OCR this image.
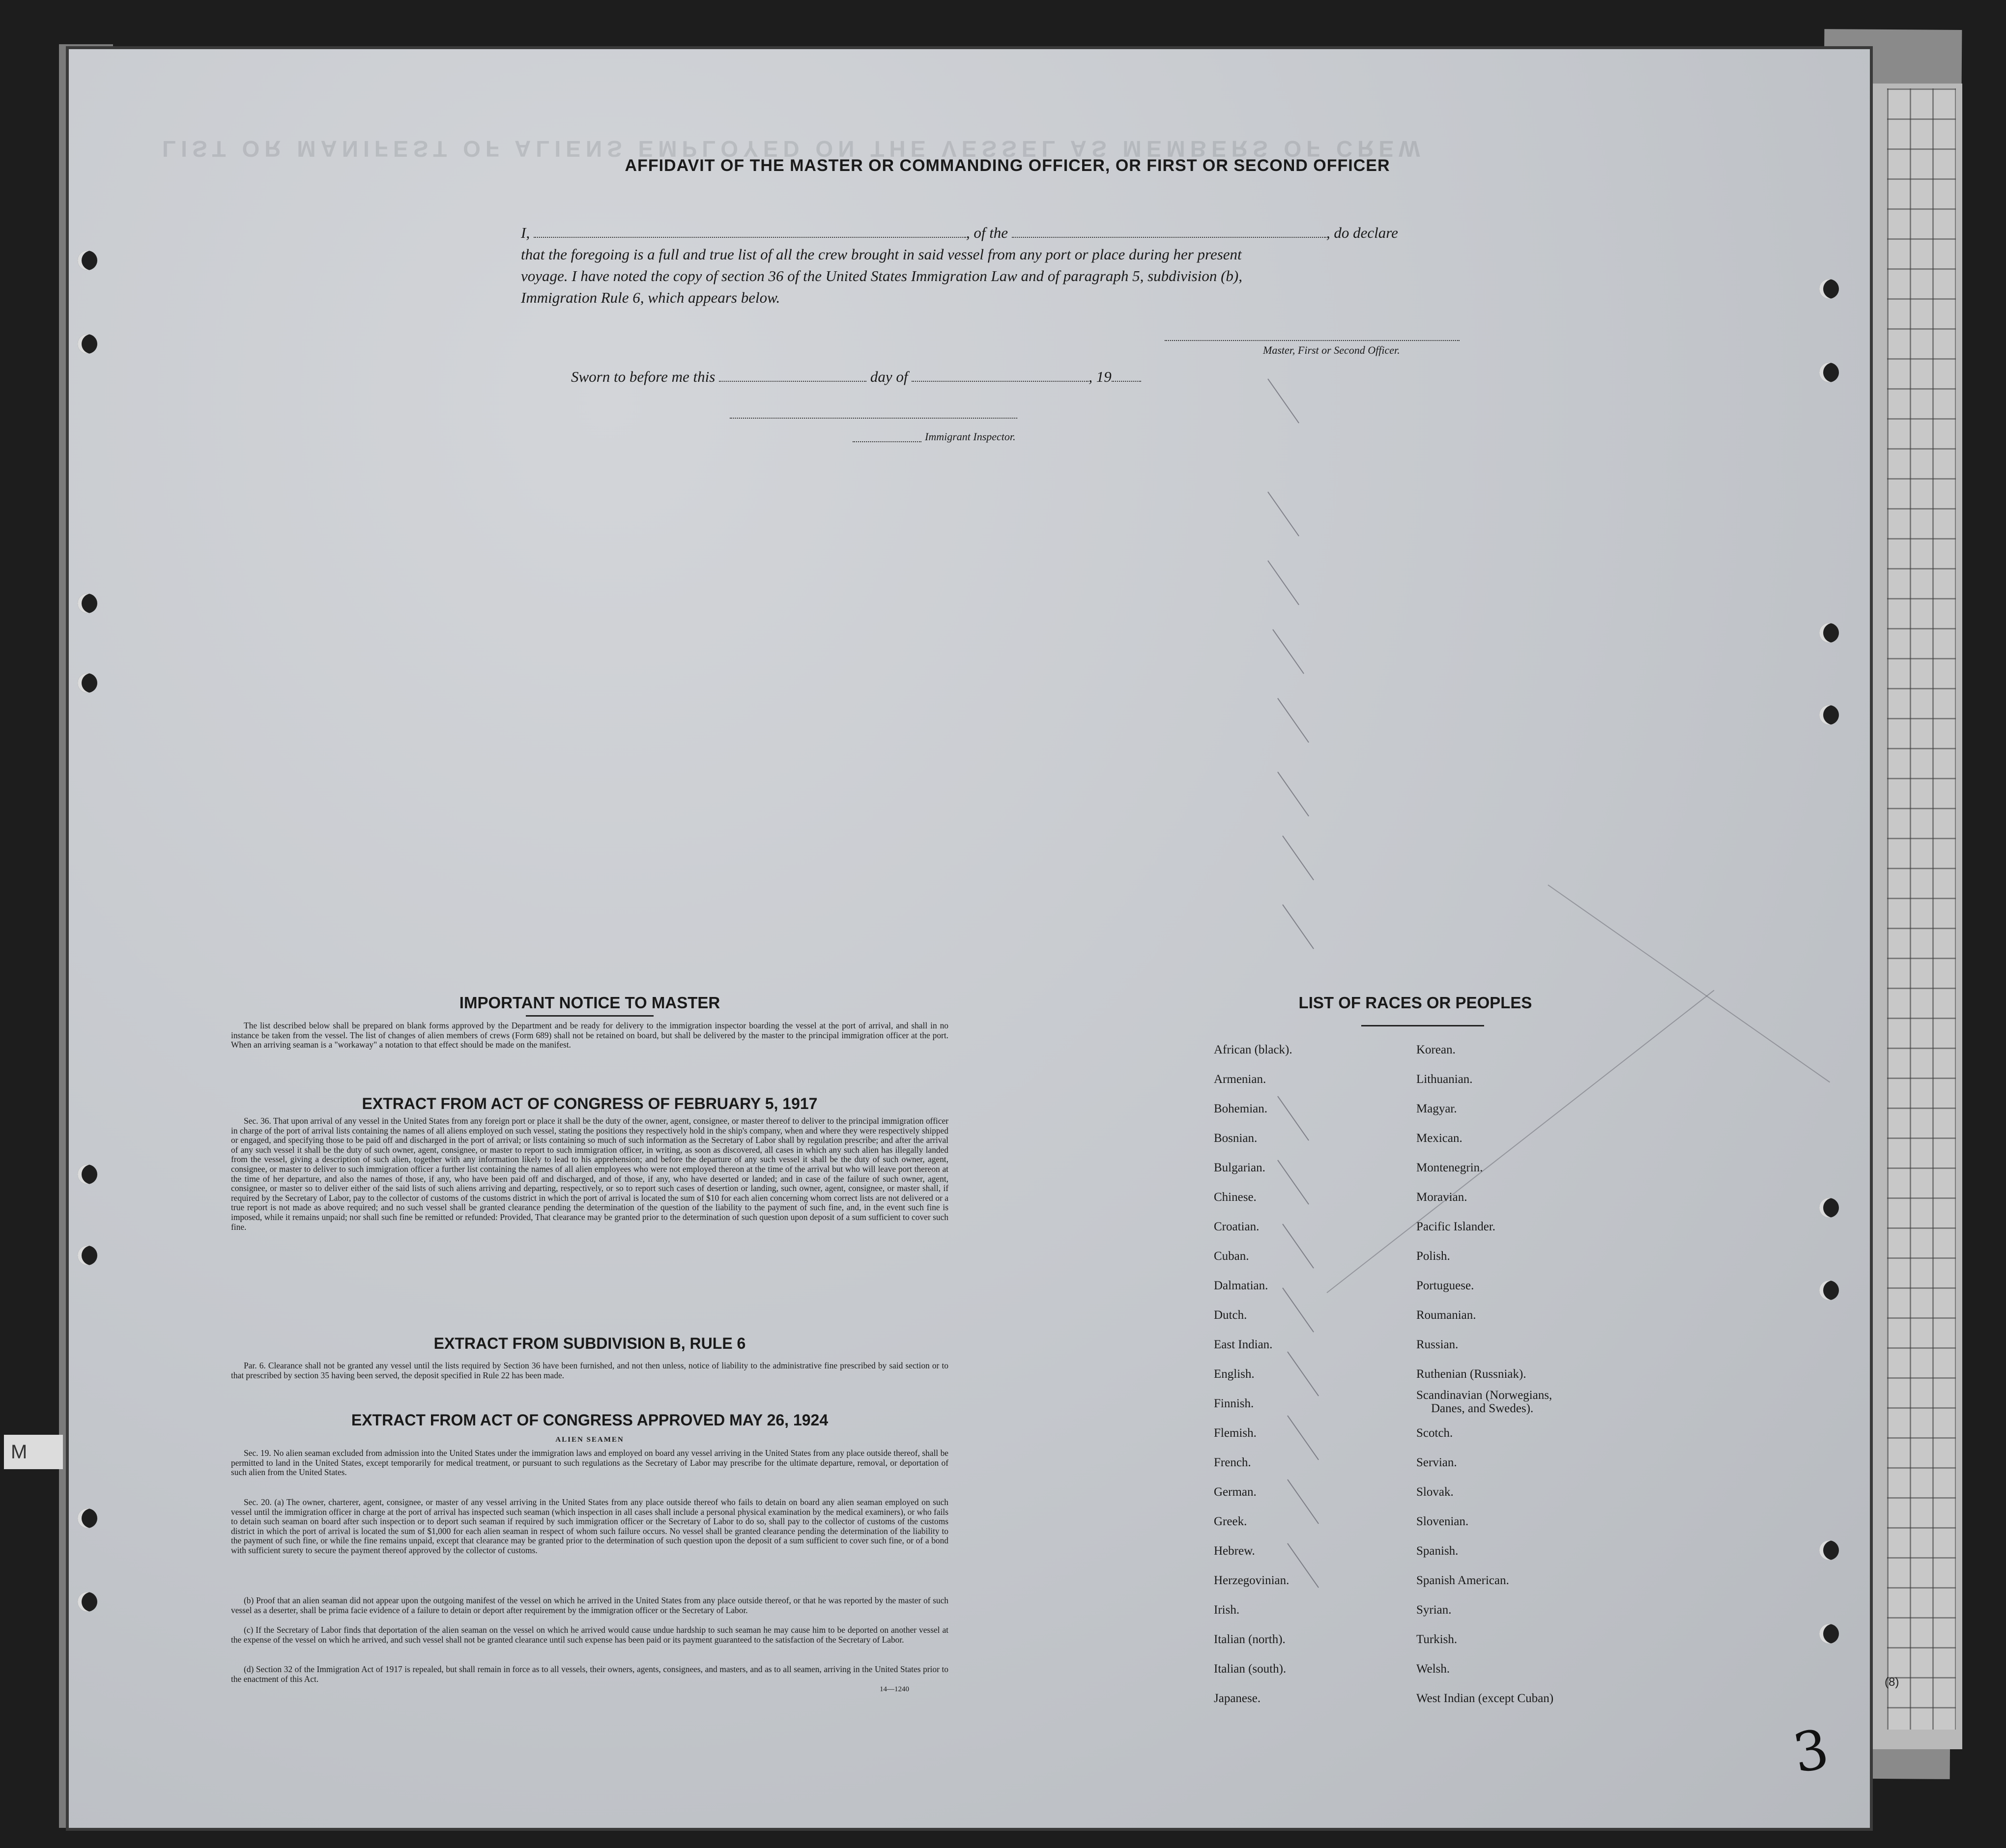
LIST OR MANIFEST OF ALIENS EMPLOYED ON THE VESSEL AS MEMBERS OF CREW
M
3
(8)
AFFIDAVIT OF THE MASTER OR COMMANDING OFFICER, OR FIRST OR SECOND OFFICER
I,	, of the	, do declare
that the foregoing is a full and true list of all the crew brought in said vessel from any port or place during her present
voyage. I have noted the copy of section 36 of the United States Immigration Law and of paragraph 5, subdivision (b),
Immigration Rule 6, which appears below.
Master, First or Second Officer.
Sworn to before me this	day of	, 19
Immigrant Inspector.
IMPORTANT NOTICE TO MASTER

The list described below shall be prepared on blank forms approved by the Department and be ready for delivery to the immigration inspector boarding the vessel at the port of arrival, and shall in no instance be taken from the vessel. The list of changes of alien members of crews (Form 689) shall not be retained on board, but shall be delivered by the master to the principal immigration officer at the port. When an arriving seaman is a "workaway" a notation to that effect should be made on the manifest.

EXTRACT FROM ACT OF CONGRESS OF FEBRUARY 5, 1917

Sec. 36. That upon arrival of any vessel in the United States from any foreign port or place it shall be the duty of the owner, agent, consignee, or master thereof to deliver to the principal immigration officer in charge of the port of arrival lists containing the names of all aliens employed on such vessel, stating the positions they respectively hold in the ship's company, when and where they were respectively shipped or engaged, and specifying those to be paid off and discharged in the port of arrival; or lists containing so much of such information as the Secretary of Labor shall by regulation prescribe; and after the arrival of any such vessel it shall be the duty of such owner, agent, consignee, or master to report to such immigration officer, in writing, as soon as discovered, all cases in which any such alien has illegally landed from the vessel, giving a description of such alien, together with any information likely to lead to his apprehension; and before the departure of any such vessel it shall be the duty of such owner, agent, consignee, or master to deliver to such immigration officer a further list containing the names of all alien employees who were not employed thereon at the time of the arrival but who will leave port thereon at the time of her departure, and also the names of those, if any, who have been paid off and discharged, and of those, if any, who have deserted or landed; and in case of the failure of such owner, agent, consignee, or master so to deliver either of the said lists of such aliens arriving and departing, respectively, or so to report such cases of desertion or landing, such owner, agent, consignee, or master shall, if required by the Secretary of Labor, pay to the collector of customs of the customs district in which the port of arrival is located the sum of $10 for each alien concerning whom correct lists are not delivered or a true report is not made as above required; and no such vessel shall be granted clearance pending the determination of the question of the liability to the payment of such fine, and, in the event such fine is imposed, while it remains unpaid; nor shall such fine be remitted or refunded: Provided, That clearance may be granted prior to the determination of such question upon deposit of a sum sufficient to cover such fine.

EXTRACT FROM SUBDIVISION B, RULE 6

Par. 6. Clearance shall not be granted any vessel until the lists required by Section 36 have been furnished, and not then unless, notice of liability to the administrative fine prescribed by said section or to that prescribed by section 35 having been served, the deposit specified in Rule 22 has been made.

EXTRACT FROM ACT OF CONGRESS APPROVED MAY 26, 1924
ALIEN SEAMEN

Sec. 19. No alien seaman excluded from admission into the United States under the immigration laws and employed on board any vessel arriving in the United States from any place outside thereof, shall be permitted to land in the United States, except temporarily for medical treatment, or pursuant to such regulations as the Secretary of Labor may prescribe for the ultimate departure, removal, or deportation of such alien from the United States.

Sec. 20. (a) The owner, charterer, agent, consignee, or master of any vessel arriving in the United States from any place outside thereof who fails to detain on board any alien seaman employed on such vessel until the immigration officer in charge at the port of arrival has inspected such seaman (which inspection in all cases shall include a personal physical examination by the medical examiners), or who fails to detain such seaman on board after such inspection or to deport such seaman if required by such immigration officer or the Secretary of Labor to do so, shall pay to the collector of customs of the customs district in which the port of arrival is located the sum of $1,000 for each alien seaman in respect of whom such failure occurs. No vessel shall be granted clearance pending the determination of the liability to the payment of such fine, or while the fine remains unpaid, except that clearance may be granted prior to the determination of such question upon the deposit of a sum sufficient to cover such fine, or of a bond with sufficient surety to secure the payment thereof approved by the collector of customs.

(b) Proof that an alien seaman did not appear upon the outgoing manifest of the vessel on which he arrived in the United States from any place outside thereof, or that he was reported by the master of such vessel as a deserter, shall be prima facie evidence of a failure to detain or deport after requirement by the immigration officer or the Secretary of Labor.

(c) If the Secretary of Labor finds that deportation of the alien seaman on the vessel on which he arrived would cause undue hardship to such seaman he may cause him to be deported on another vessel at the expense of the vessel on which he arrived, and such vessel shall not be granted clearance until such expense has been paid or its payment guaranteed to the satisfaction of the Secretary of Labor.

(d) Section 32 of the Immigration Act of 1917 is repealed, but shall remain in force as to all vessels, their owners, agents, consignees, and masters, and as to all seamen, arriving in the United States prior to the enactment of this Act.

14—1240
LIST OF RACES OR PEOPLES
African (black).
Armenian.
Bohemian.
Bosnian.
Bulgarian.
Chinese.
Croatian.
Cuban.
Dalmatian.
Dutch.
East Indian.
English.
Finnish.
Flemish.
French.
German.
Greek.
Hebrew.
Herzegovinian.
Irish.
Italian (north).
Italian (south).
Japanese.
Korean.
Lithuanian.
Magyar.
Mexican.
Montenegrin.
Moravian.
Pacific Islander.
Polish.
Portuguese.
Roumanian.
Russian.
Ruthenian (Russniak).
Scandinavian (Norwegians,
Danes, and Swedes).
Scotch.
Servian.
Slovak.
Slovenian.
Spanish.
Spanish American.
Syrian.
Turkish.
Welsh.
West Indian (except Cuban)
